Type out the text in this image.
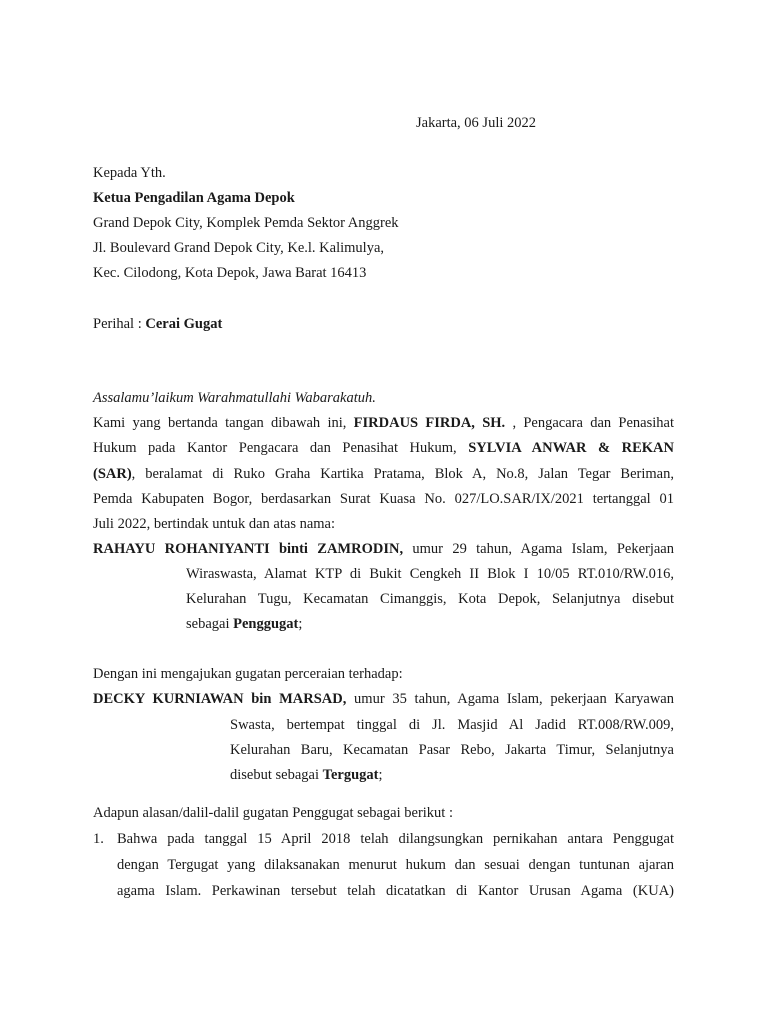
Jakarta, 06 Juli 2022
Kepada Yth.
Ketua Pengadilan Agama Depok
Grand Depok City, Komplek Pemda Sektor Anggrek
Jl. Boulevard Grand Depok City, Ke.l. Kalimulya,
Kec. Cilodong, Kota Depok, Jawa Barat 16413
Perihal : Cerai Gugat
Assalamu’laikum Warahmatullahi Wabarakatuh.
Kami yang bertanda tangan dibawah ini, FIRDAUS FIRDA, SH. , Pengacara dan Penasihat
Hukum pada Kantor Pengacara dan Penasihat Hukum, SYLVIA ANWAR & REKAN
(SAR), beralamat di Ruko Graha Kartika Pratama, Blok A, No.8, Jalan Tegar Beriman,
Pemda Kabupaten Bogor, berdasarkan Surat Kuasa No. 027/LO.SAR/IX/2021 tertanggal 01
Juli 2022, bertindak untuk dan atas nama:
RAHAYU ROHANIYANTI binti ZAMRODIN, umur 29 tahun, Agama Islam, Pekerjaan
Wiraswasta, Alamat KTP di Bukit Cengkeh II Blok I 10/05 RT.010/RW.016,
Kelurahan Tugu, Kecamatan Cimanggis, Kota Depok, Selanjutnya disebut
sebagai Penggugat;
Dengan ini mengajukan gugatan perceraian terhadap:
DECKY KURNIAWAN bin MARSAD, umur 35 tahun, Agama Islam, pekerjaan Karyawan
Swasta, bertempat tinggal di Jl. Masjid Al Jadid RT.008/RW.009,
Kelurahan Baru, Kecamatan Pasar Rebo, Jakarta Timur, Selanjutnya
disebut sebagai Tergugat;
Adapun alasan/dalil-dalil gugatan Penggugat sebagai berikut :
1. Bahwa pada tanggal 15 April 2018 telah dilangsungkan pernikahan antara Penggugat
dengan Tergugat yang dilaksanakan menurut hukum dan sesuai dengan tuntunan ajaran
agama Islam. Perkawinan tersebut telah dicatatkan di Kantor Urusan Agama (KUA)
